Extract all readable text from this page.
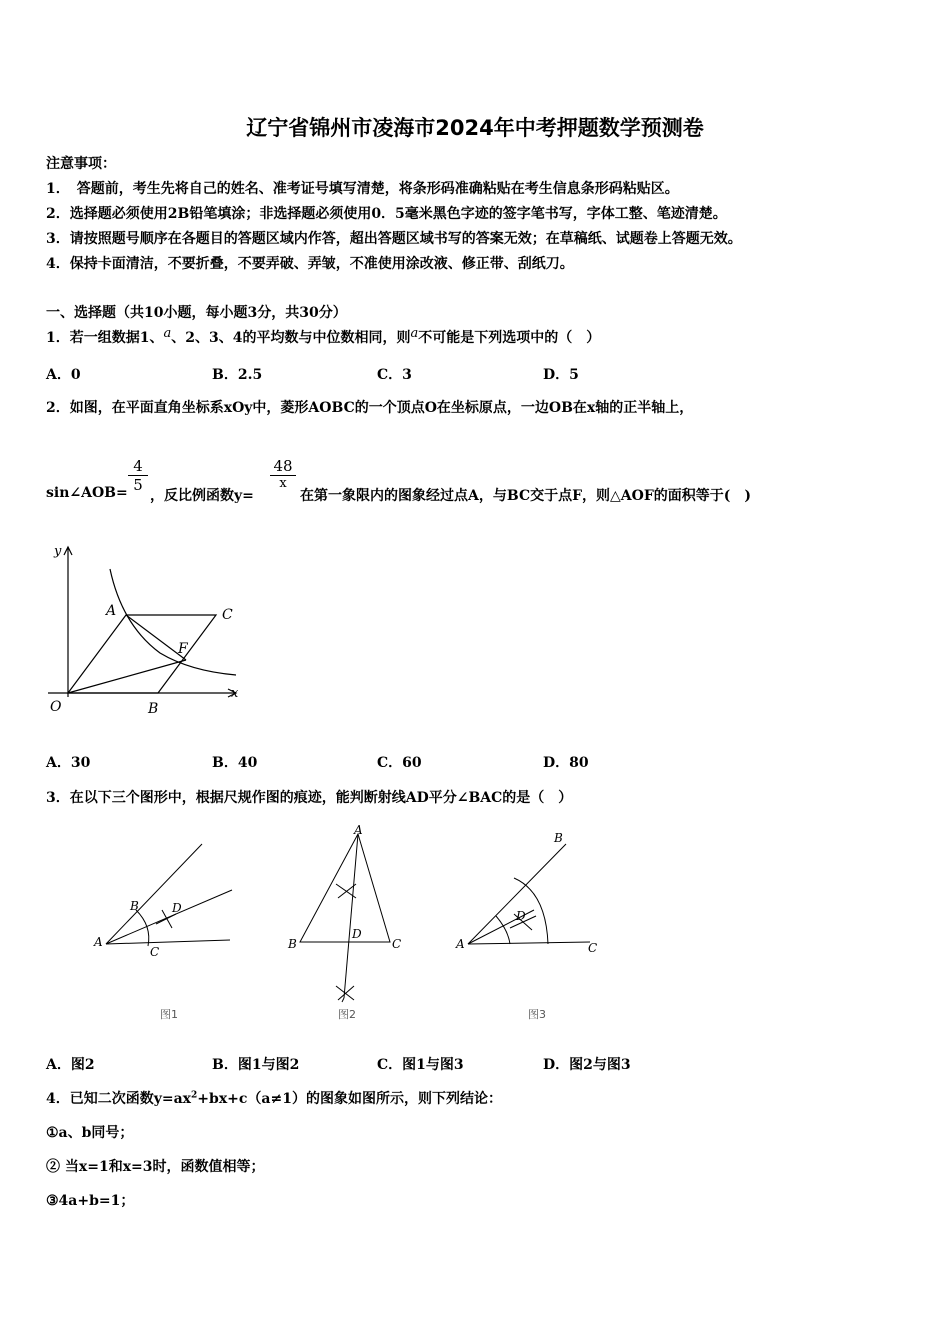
辽宁省锦州市凌海市2024年中考押题数学预测卷
注意事项：
1．　答题前，考生先将自己的姓名、准考证号填写清楚，将条形码准确粘贴在考生信息条形码粘贴区。
2．选择题必须使用2B铅笔填涂；非选择题必须使用0．5毫米黑色字迹的签字笔书写，字体工整、笔迹清楚。
3．请按照题号顺序在各题目的答题区域内作答，超出答题区域书写的答案无效；在草稿纸、试题卷上答题无效。
4．保持卡面清洁，不要折叠，不要弄破、弄皱，不准使用涂改液、修正带、刮纸刀。
一、选择题（共10小题，每小题3分，共30分）
1．若一组数据1、a、2、3、4的平均数与中位数相同，则a不可能是下列选项中的（　）
A．0	B．2.5	C．3	D．5
2．如图，在平面直角坐标系xOy中，菱形AOBC的一个顶点O在坐标原点，一边OB在x轴的正半轴上，
sin∠AOB= $\frac{4}{5}$
，反比例函数y=
$\frac{48}{x}$
在第一象限内的图象经过点A，与BC交于点F，则△AOF的面积等于(　)
y
x
O
A
B
C
F
A．30	B．40	C．60	D．80
3．在以下三个图形中，根据尺规作图的痕迹，能判断射线AD平分∠BAC的是（　）
A
B
C
D
图1
A
B	C
D
图2
A
B
C
D
图3
A．图2	B．图1与图2	C．图1与图3	D．图2与图3
4．已知二次函数$y=ax^2+bx+c(a\ne 1)$的图象如图所示，则下列结论：
①a、b同号；
② 当x=1和x=3时，函数值相等；
③4a+b=1；
